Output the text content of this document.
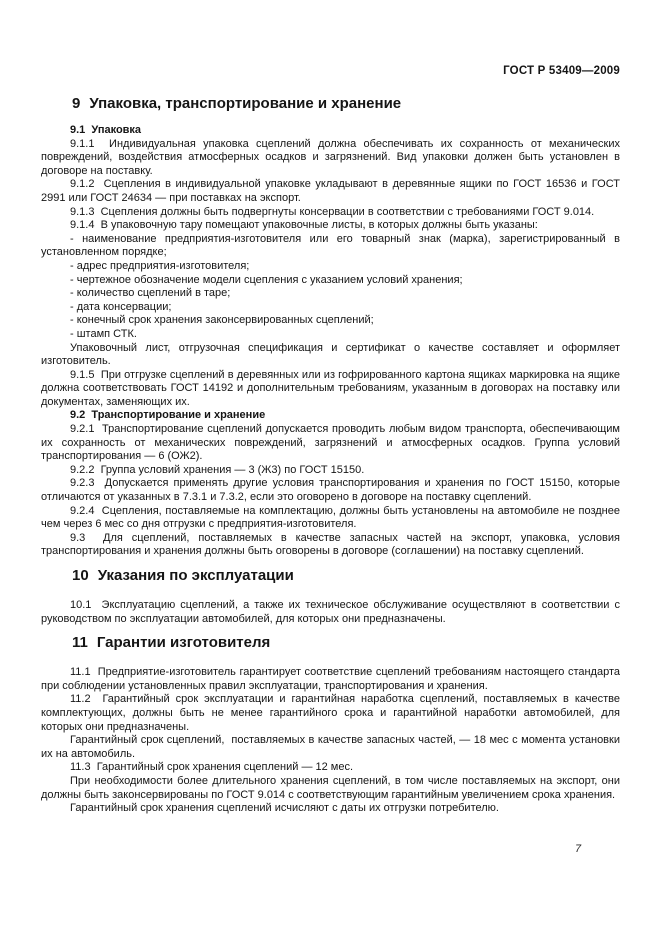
ГОСТ Р 53409—2009
9 Упаковка, транспортирование и хранение

9.1  Упаковка

9.1.1  Индивидуальная упаковка сцеплений должна обеспечивать их сохранность от механических повреждений, воздействия атмосферных осадков и загрязнений. Вид упаковки должен быть установлен в договоре на поставку.

9.1.2  Сцепления в индивидуальной упаковке укладывают в деревянные ящики по ГОСТ 16536 и ГОСТ 2991 или ГОСТ 24634 — при поставках на экспорт.

9.1.3  Сцепления должны быть подвергнуты консервации в соответствии с требованиями ГОСТ 9.014.

9.1.4  В упаковочную тару помещают упаковочные листы, в которых должны быть указаны:

- наименование предприятия-изготовителя или его товарный знак (марка), зарегистрированный в установленном порядке;

- адрес предприятия-изготовителя;

- чертежное обозначение модели сцепления с указанием условий хранения;

- количество сцеплений в таре;

- дата консервации;

- конечный срок хранения законсервированных сцеплений;

- штамп СТК.

Упаковочный лист, отгрузочная спецификация и сертификат о качестве составляет и оформляет изготовитель.

9.1.5  При отгрузке сцеплений в деревянных или из гофрированного картона ящиках маркировка на ящике должна соответствовать ГОСТ 14192 и дополнительным требованиям, указанным в договорах на поставку или документах, заменяющих их.

9.2  Транспортирование и хранение

9.2.1  Транспортирование сцеплений допускается проводить любым видом транспорта, обеспечивающим их сохранность от механических повреждений, загрязнений и атмосферных осадков. Группа условий транспортирования — 6 (ОЖ2).

9.2.2  Группа условий хранения — 3 (Ж3) по ГОСТ 15150.

9.2.3  Допускается применять другие условия транспортирования и хранения по ГОСТ 15150, которые отличаются от указанных в 7.3.1 и 7.3.2, если это оговорено в договоре на поставку сцеплений.

9.2.4  Сцепления, поставляемые на комплектацию, должны быть установлены на автомобиле не позднее чем через 6 мес со дня отгрузки с предприятия-изготовителя.

9.3  Для сцеплений, поставляемых в качестве запасных частей на экспорт, упаковка, условия транспортирования и хранения должны быть оговорены в договоре (соглашении) на поставку сцеплений.

10 Указания по эксплуатации

10.1  Эксплуатацию сцеплений, а также их техническое обслуживание осуществляют в соответствии с руководством по эксплуатации автомобилей, для которых они предназначены.

11 Гарантии изготовителя

11.1  Предприятие-изготовитель гарантирует соответствие сцеплений требованиям настоящего стандарта при соблюдении установленных правил эксплуатации, транспортирования и хранения.

11.2  Гарантийный срок эксплуатации и гарантийная наработка сцеплений, поставляемых в качестве комплектующих, должны быть не менее гарантийного срока и гарантийной наработки автомобилей, для которых они предназначены.

Гарантийный срок сцеплений,  поставляемых в качестве запасных частей, — 18 мес с момента установки их на автомобиль.

11.3  Гарантийный срок хранения сцеплений — 12 мес.

При необходимости более длительного хранения сцеплений, в том числе поставляемых на экспорт, они должны быть законсервированы по ГОСТ 9.014 с соответствующим гарантийным увеличением срока хранения.

Гарантийный срок хранения сцеплений исчисляют с даты их отгрузки потребителю.

7
